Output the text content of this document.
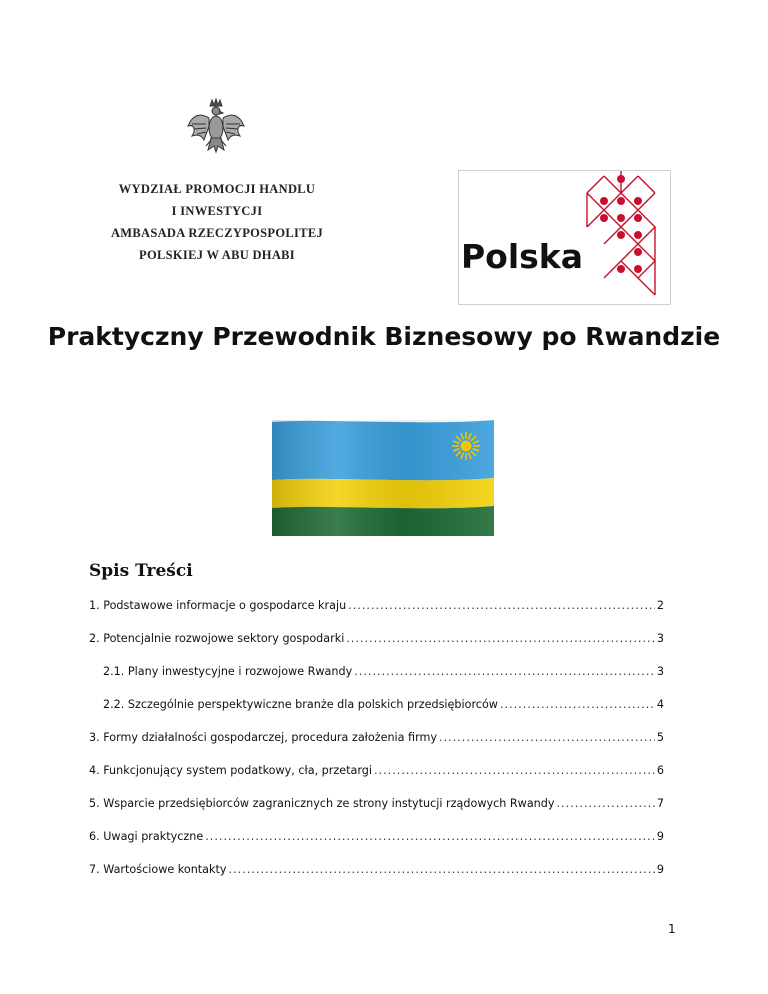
WYDZIAŁ PROMOCJI HANDLU
I INWESTYCJI
AMBASADA RZECZYPOSPOLITEJ
POLSKIEJ W ABU DHABI	Polska
Praktyczny Przewodnik Biznesowy po Rwandzie
Spis Treści
1. Podstawowe informacje o gospodarce kraju .....	2
2. Potencjalnie rozwojowe sektory gospodarki .....	3
2.1. Plany inwestycyjne i rozwojowe Rwandy .....	3
2.2. Szczególnie perspektywiczne branże dla polskich przedsiębiorców .....	4
3. Formy działalności gospodarczej, procedura założenia firmy .....	5
4. Funkcjonujący system podatkowy, cła, przetargi .....	6
5. Wsparcie przedsiębiorców zagranicznych ze strony instytucji rządowych Rwandy .....	7
6. Uwagi praktyczne .....	9
7. Wartościowe kontakty .....	9
1
